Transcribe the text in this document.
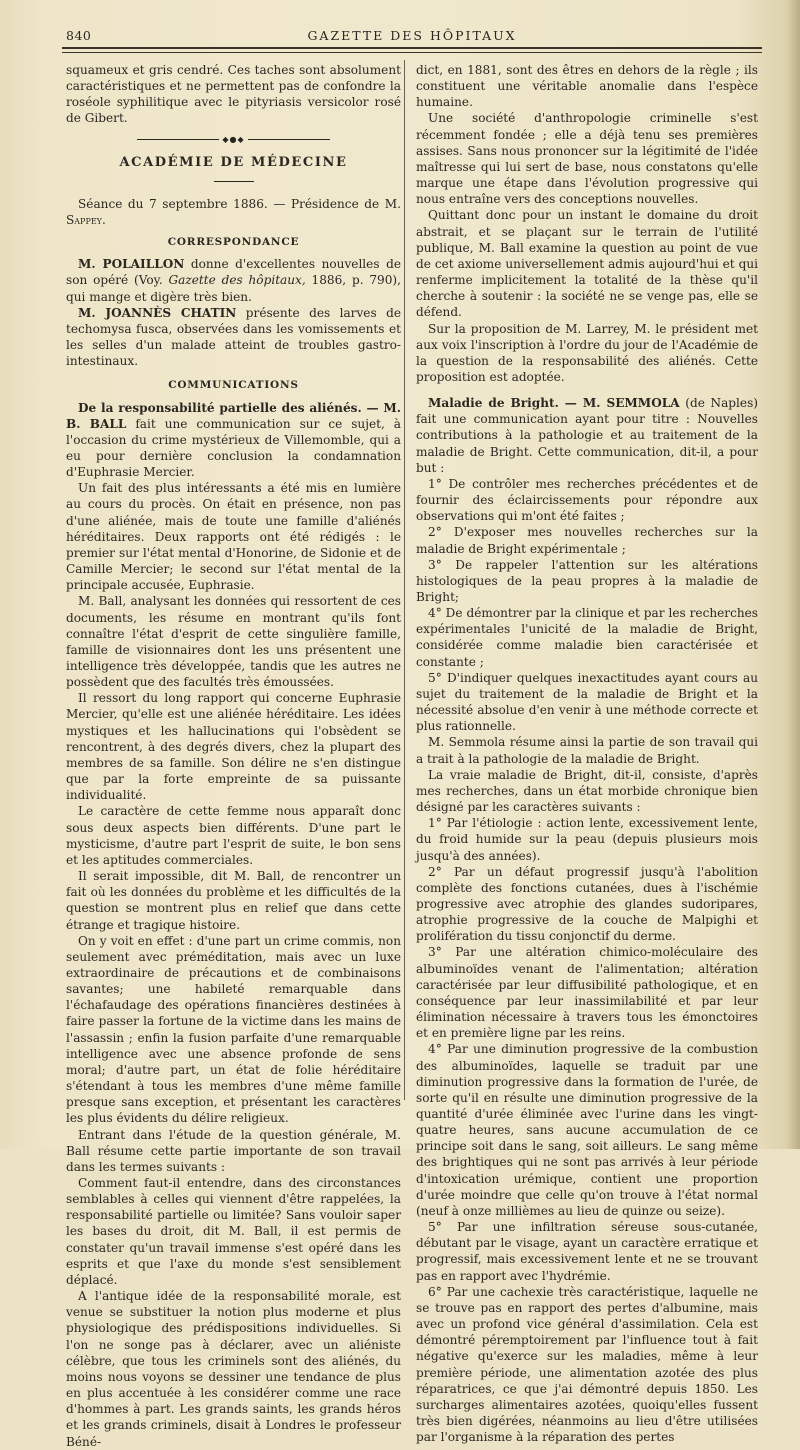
840	GAZETTE DES HÔPITAUX

squameux et gris cendré. Ces taches sont absolument caractéristiques et ne permettent pas de confondre la roséole syphilitique avec le pityriasis versicolor rosé de Gibert.

◆●◆
ACADÉMIE DE MÉDECINE

Séance du 7 septembre 1886. — Présidence de M. Sappey.

CORRESPONDANCE

M. POLAILLON donne d'excellentes nouvelles de son opéré (Voy. Gazette des hôpitaux, 1886, p. 790), qui mange et digère très bien.

M. JOANNÈS CHATIN présente des larves de techomysa fusca, observées dans les vomissements et les selles d'un malade atteint de troubles gastro-intestinaux.

COMMUNICATIONS

De la responsabilité partielle des aliénés. — M. B. BALL fait une communication sur ce sujet, à l'occasion du crime mystérieux de Villemomble, qui a eu pour dernière conclusion la condamnation d'Euphrasie Mercier.

Un fait des plus intéressants a été mis en lumière au cours du procès. On était en présence, non pas d'une aliénée, mais de toute une famille d'aliénés héréditaires. Deux rapports ont été rédigés : le premier sur l'état mental d'Honorine, de Sidonie et de Camille Mercier; le second sur l'état mental de la principale accusée, Euphrasie.

M. Ball, analysant les données qui ressortent de ces documents, les résume en montrant qu'ils font connaître l'état d'esprit de cette singulière famille, famille de visionnaires dont les uns présentent une intelligence très développée, tandis que les autres ne possèdent que des facultés très émoussées.

Il ressort du long rapport qui concerne Euphrasie Mercier, qu'elle est une aliénée héréditaire. Les idées mystiques et les hallucinations qui l'obsèdent se rencontrent, à des degrés divers, chez la plupart des membres de sa famille. Son délire ne s'en distingue que par la forte empreinte de sa puissante individualité.

Le caractère de cette femme nous apparaît donc sous deux aspects bien différents. D'une part le mysticisme, d'autre part l'esprit de suite, le bon sens et les aptitudes commerciales.

Il serait impossible, dit M. Ball, de rencontrer un fait où les données du problème et les difficultés de la question se montrent plus en relief que dans cette étrange et tragique histoire.

On y voit en effet : d'une part un crime commis, non seulement avec préméditation, mais avec un luxe extraordinaire de précautions et de combinaisons savantes; une habileté remarquable dans l'échafaudage des opérations financières destinées à faire passer la fortune de la victime dans les mains de l'assassin ; enfin la fusion parfaite d'une remarquable intelligence avec une absence profonde de sens moral; d'autre part, un état de folie héréditaire s'étendant à tous les membres d'une même famille presque sans exception, et présentant les caractères les plus évidents du délire religieux.

Entrant dans l'étude de la question générale, M. Ball résume cette partie importante de son travail dans les termes suivants :

Comment faut-il entendre, dans des circonstances semblables à celles qui viennent d'être rappelées, la responsabilité partielle ou limitée? Sans vouloir saper les bases du droit, dit M. Ball, il est permis de constater qu'un travail immense s'est opéré dans les esprits et que l'axe du monde s'est sensiblement déplacé.

A l'antique idée de la responsabilité morale, est venue se substituer la notion plus moderne et plus physiologique des prédispositions individuelles. Si l'on ne songe pas à déclarer, avec un aliéniste célèbre, que tous les criminels sont des aliénés, du moins nous voyons se dessiner une tendance de plus en plus accentuée à les considérer comme une race d'hommes à part. Les grands saints, les grands héros et les grands criminels, disait à Londres le professeur Béné-

dict, en 1881, sont des êtres en dehors de la règle ; ils constituent une véritable anomalie dans l'espèce humaine.

Une société d'anthropologie criminelle s'est récemment fondée ; elle a déjà tenu ses premières assises. Sans nous prononcer sur la légitimité de l'idée maîtresse qui lui sert de base, nous constatons qu'elle marque une étape dans l'évolution progressive qui nous entraîne vers des conceptions nouvelles.

Quittant donc pour un instant le domaine du droit abstrait, et se plaçant sur le terrain de l'utilité publique, M. Ball examine la question au point de vue de cet axiome universellement admis aujourd'hui et qui renferme implicitement la totalité de la thèse qu'il cherche à soutenir : la société ne se venge pas, elle se défend.

Sur la proposition de M. Larrey, M. le président met aux voix l'inscription à l'ordre du jour de l'Académie de la question de la responsabilité des aliénés. Cette proposition est adoptée.

Maladie de Bright. — M. SEMMOLA (de Naples) fait une communication ayant pour titre : Nouvelles contributions à la pathologie et au traitement de la maladie de Bright. Cette communication, dit-il, a pour but :

1° De contrôler mes recherches précédentes et de fournir des éclaircissements pour répondre aux observations qui m'ont été faites ;

2° D'exposer mes nouvelles recherches sur la maladie de Bright expérimentale ;

3° De rappeler l'attention sur les altérations histologiques de la peau propres à la maladie de Bright;

4° De démontrer par la clinique et par les recherches expérimentales l'unicité de la maladie de Bright, considérée comme maladie bien caractérisée et constante ;

5° D'indiquer quelques inexactitudes ayant cours au sujet du traitement de la maladie de Bright et la nécessité absolue d'en venir à une méthode correcte et plus rationnelle.

M. Semmola résume ainsi la partie de son travail qui a trait à la pathologie de la maladie de Bright.

La vraie maladie de Bright, dit-il, consiste, d'après mes recherches, dans un état morbide chronique bien désigné par les caractères suivants :

1° Par l'étiologie : action lente, excessivement lente, du froid humide sur la peau (depuis plusieurs mois jusqu'à des années).

2° Par un défaut progressif jusqu'à l'abolition complète des fonctions cutanées, dues à l'ischémie progressive avec atrophie des glandes sudoripares, atrophie progressive de la couche de Malpighi et prolifération du tissu conjonctif du derme.

3° Par une altération chimico-moléculaire des albuminoïdes venant de l'alimentation; altération caractérisée par leur diffusibilité pathologique, et en conséquence par leur inassimilabilité et par leur élimination nécessaire à travers tous les émonctoires et en première ligne par les reins.

4° Par une diminution progressive de la combustion des albuminoïdes, laquelle se traduit par une diminution progressive dans la formation de l'urée, de sorte qu'il en résulte une diminution progressive de la quantité d'urée éliminée avec l'urine dans les vingt-quatre heures, sans aucune accumulation de ce principe soit dans le sang, soit ailleurs. Le sang même des brightiques qui ne sont pas arrivés à leur période d'intoxication urémique, contient une proportion d'urée moindre que celle qu'on trouve à l'état normal (neuf à onze millièmes au lieu de quinze ou seize).

5° Par une infiltration séreuse sous-cutanée, débutant par le visage, ayant un caractère erratique et progressif, mais excessivement lente et ne se trouvant pas en rapport avec l'hydrémie.

6° Par une cachexie très caractéristique, laquelle ne se trouve pas en rapport des pertes d'albumine, mais avec un profond vice général d'assimilation. Cela est démontré péremptoirement par l'influence tout à fait négative qu'exerce sur les maladies, même à leur première période, une alimentation azotée des plus réparatrices, ce que j'ai démontré depuis 1850. Les surcharges alimentaires azotées, quoiqu'elles fussent très bien digérées, néanmoins au lieu d'être utilisées par l'organisme à la réparation des pertes
